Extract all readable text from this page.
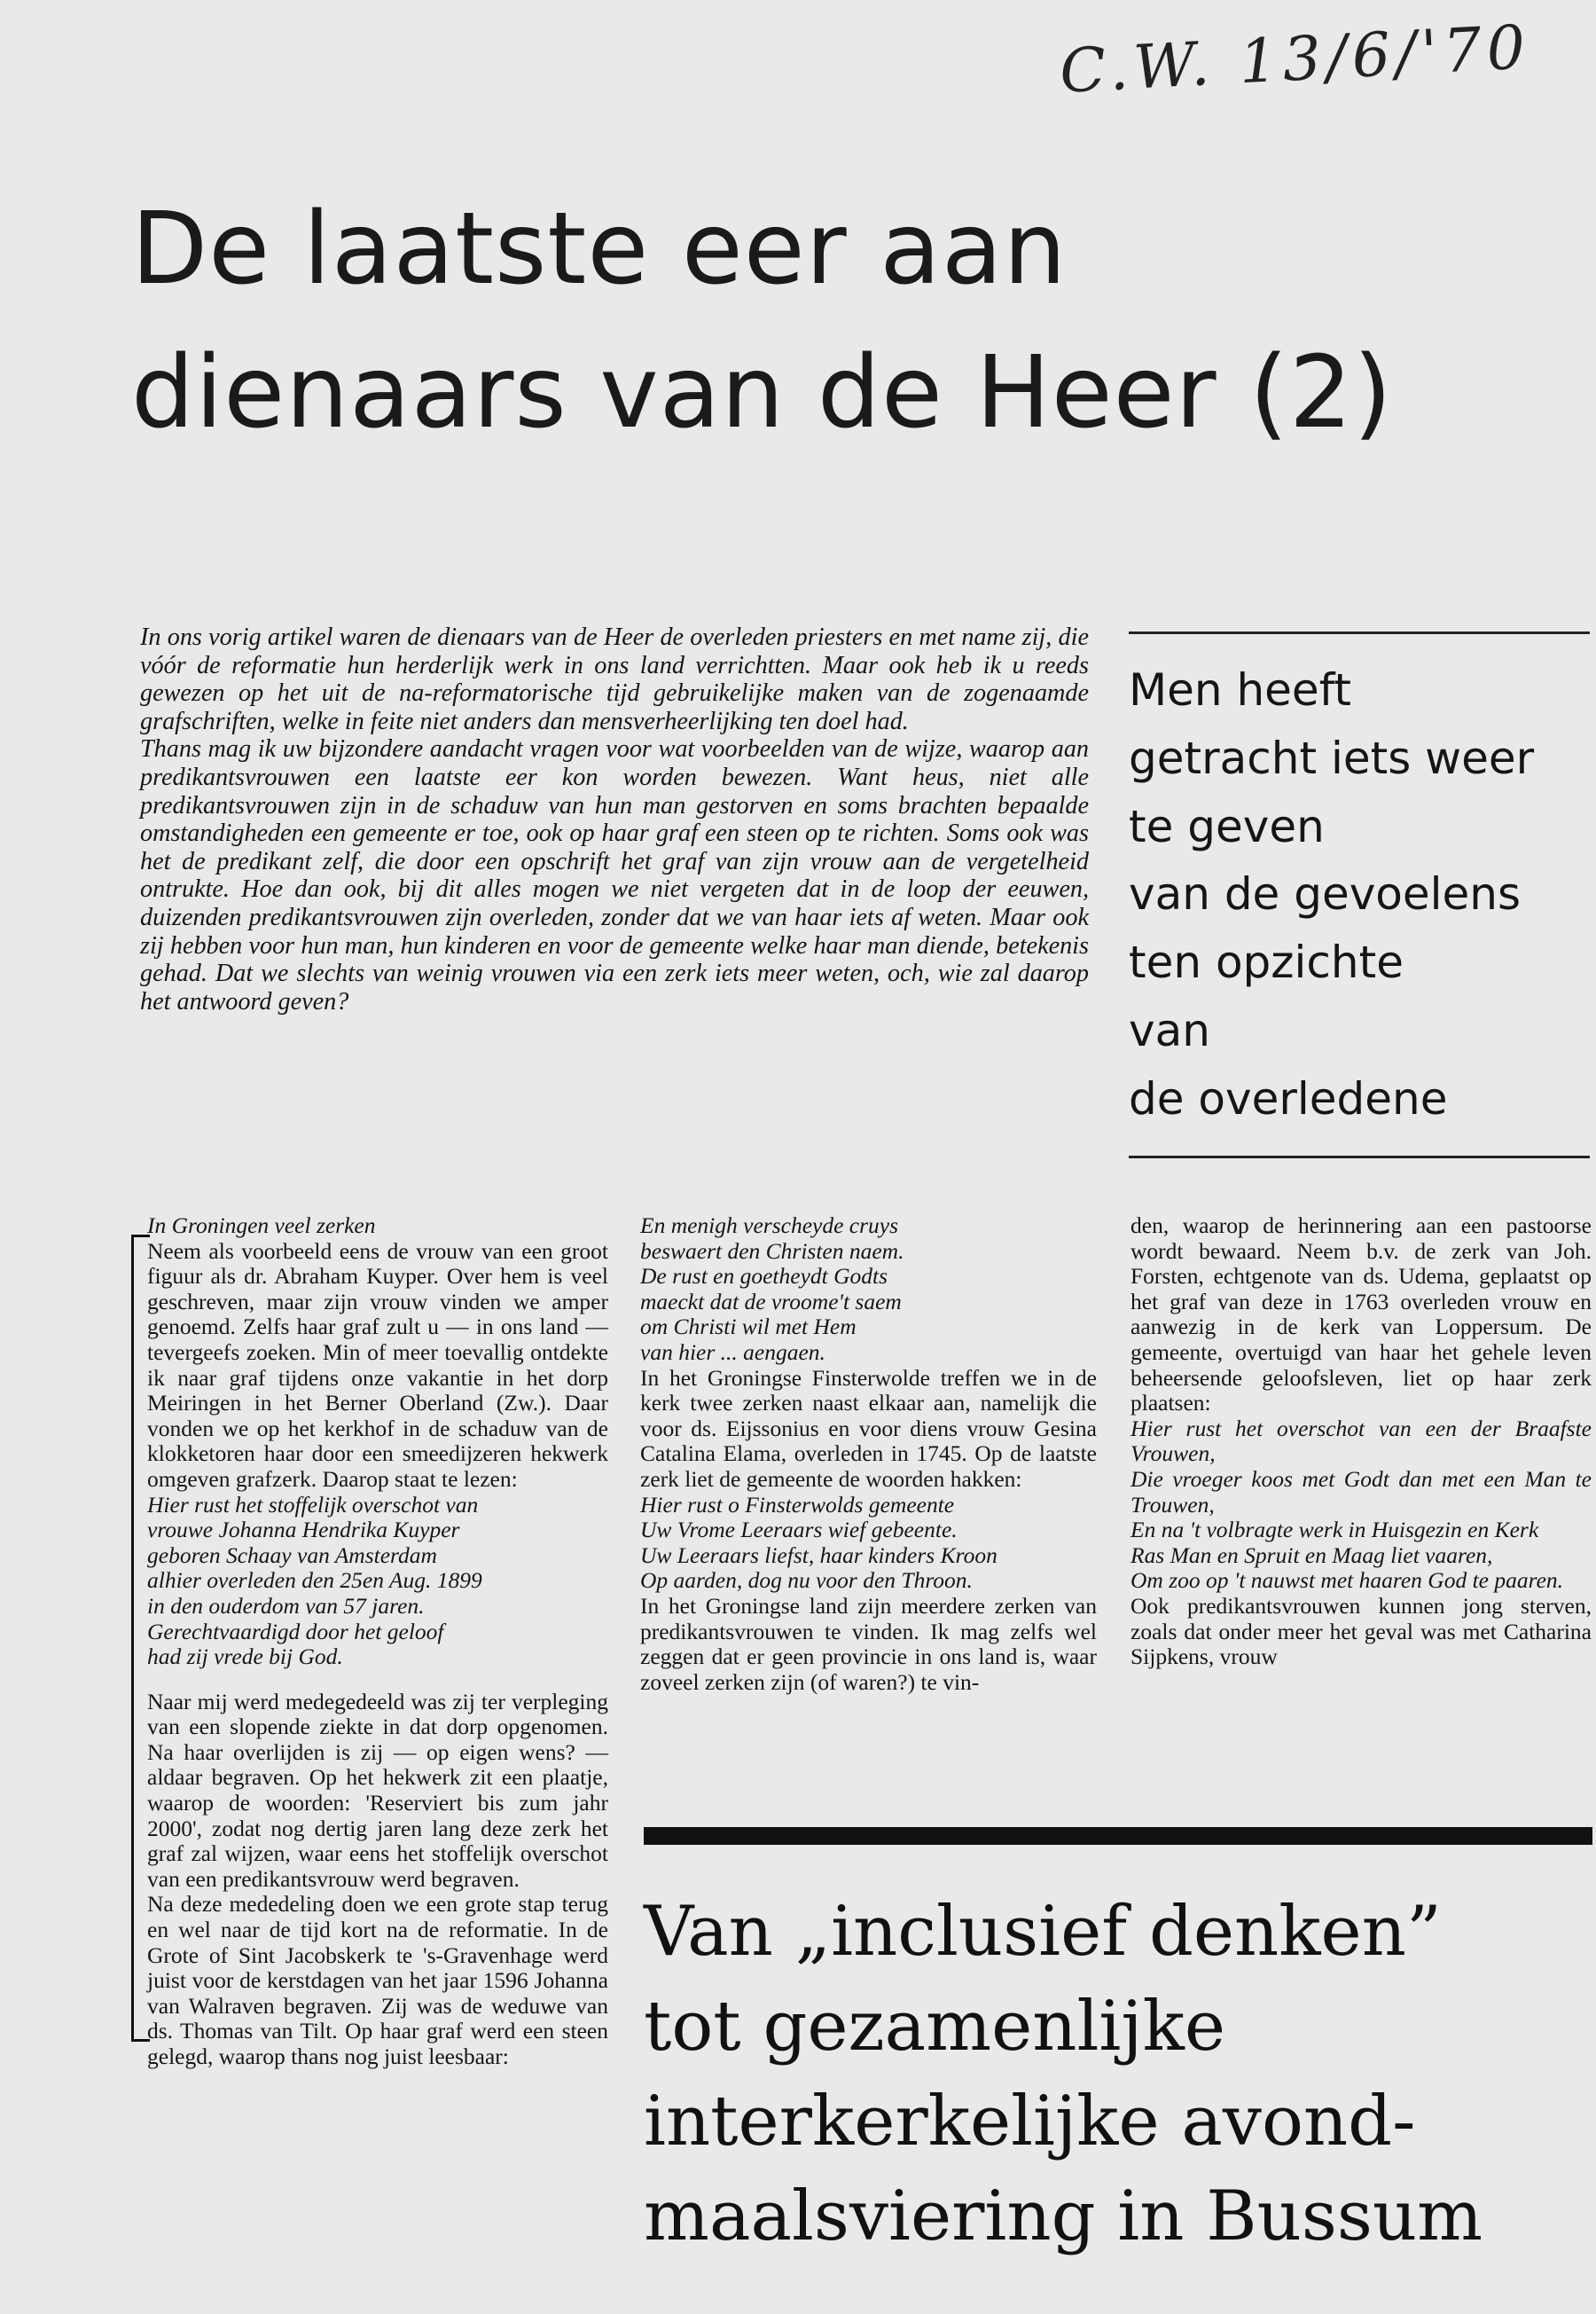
C.W. 13/6/'70
De laatste eer aan
dienaars van de Heer (2)

In ons vorig artikel waren de dienaars van de Heer de overleden priesters en met name zij, die vóór de reformatie hun herderlijk werk in ons land verrichtten. Maar ook heb ik u reeds gewezen op het uit de na-reformatorische tijd gebruikelijke maken van de zogenaamde grafschriften, welke in feite niet anders dan mensverheerlijking ten doel had.

Thans mag ik uw bijzondere aandacht vragen voor wat voorbeelden van de wijze, waarop aan predikantsvrouwen een laatste eer kon worden bewezen. Want heus, niet alle predikantsvrouwen zijn in de schaduw van hun man gestorven en soms brachten bepaalde omstandigheden een gemeente er toe, ook op haar graf een steen op te richten. Soms ook was het de predikant zelf, die door een opschrift het graf van zijn vrouw aan de vergetelheid ontrukte. Hoe dan ook, bij dit alles mogen we niet vergeten dat in de loop der eeuwen, duizenden predikantsvrouwen zijn overleden, zonder dat we van haar iets af weten. Maar ook zij hebben voor hun man, hun kinderen en voor de gemeente welke haar man diende, betekenis gehad. Dat we slechts van weinig vrouwen via een zerk iets meer weten, och, wie zal daarop het antwoord geven?

Men heeft
getracht iets weer
te geven
van de gevoelens
ten opzichte
van
de overledene

In Groningen veel zerken

Neem als voorbeeld eens de vrouw van een groot figuur als dr. Abraham Kuyper. Over hem is veel geschreven, maar zijn vrouw vinden we amper genoemd. Zelfs haar graf zult u — in ons land — tevergeefs zoeken. Min of meer toevallig ontdekte ik naar graf tijdens onze vakantie in het dorp Meiringen in het Berner Oberland (Zw.). Daar vonden we op het kerkhof in de schaduw van de klokketoren haar door een smeedijzeren hekwerk omgeven grafzerk. Daarop staat te lezen:

Hier rust het stoffelijk overschot van

vrouwe Johanna Hendrika Kuyper

geboren Schaay van Amsterdam

alhier overleden den 25en Aug. 1899

in den ouderdom van 57 jaren.

Gerechtvaardigd door het geloof

had zij vrede bij God.

Naar mij werd medegedeeld was zij ter verpleging van een slopende ziekte in dat dorp opgenomen. Na haar overlijden is zij — op eigen wens? — aldaar begraven. Op het hekwerk zit een plaatje, waarop de woorden: 'Reserviert bis zum jahr 2000', zodat nog dertig jaren lang deze zerk het graf zal wijzen, waar eens het stoffelijk overschot van een predikantsvrouw werd begraven.

Na deze mededeling doen we een grote stap terug en wel naar de tijd kort na de reformatie. In de Grote of Sint Jacobskerk te 's-Gravenhage werd juist voor de kerstdagen van het jaar 1596 Johanna van Walraven begraven. Zij was de weduwe van ds. Thomas van Tilt. Op haar graf werd een steen gelegd, waarop thans nog juist leesbaar:

En menigh verscheyde cruys

beswaert den Christen naem.

De rust en goetheydt Godts

maeckt dat de vroome't saem

om Christi wil met Hem

van hier ... aengaen.

In het Groningse Finsterwolde treffen we in de kerk twee zerken naast elkaar aan, namelijk die voor ds. Eijssonius en voor diens vrouw Gesina Catalina Elama, overleden in 1745. Op de laatste zerk liet de gemeente de woorden hakken:

Hier rust o Finsterwolds gemeente

Uw Vrome Leeraars wief gebeente.

Uw Leeraars liefst, haar kinders Kroon

Op aarden, dog nu voor den Throon.

In het Groningse land zijn meerdere zerken van predikantsvrouwen te vinden. Ik mag zelfs wel zeggen dat er geen provincie in ons land is, waar zoveel zerken zijn (of waren?) te vin-

den, waarop de herinnering aan een pastoorse wordt bewaard. Neem b.v. de zerk van Joh. Forsten, echtgenote van ds. Udema, geplaatst op het graf van deze in 1763 overleden vrouw en aanwezig in de kerk van Loppersum. De gemeente, overtuigd van haar het gehele leven beheersende geloofsleven, liet op haar zerk plaatsen:

Hier rust het overschot van een der Braafste Vrouwen,

Die vroeger koos met Godt dan met een Man te Trouwen,

En na 't volbragte werk in Huisgezin en Kerk

Ras Man en Spruit en Maag liet vaaren,

Om zoo op 't nauwst met haaren God te paaren.

Ook predikantsvrouwen kunnen jong sterven, zoals dat onder meer het geval was met Catharina Sijpkens, vrouw

Van „inclusief denken”
tot gezamenlijke
interkerkelijke avond-
maalsviering in Bussum
